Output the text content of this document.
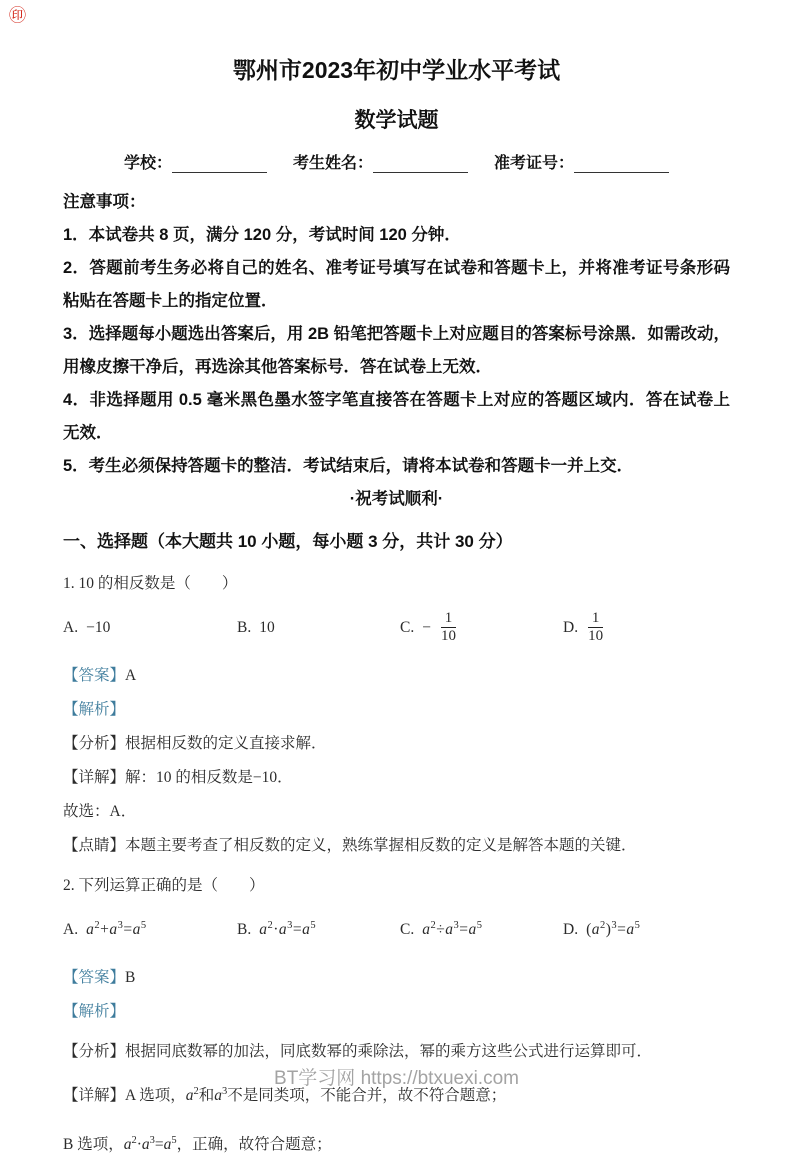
㊞

鄂州市2023年初中学业水平考试

数学试题

学校：	考生姓名：	准考证号：

注意事项：

1．本试卷共 8 页，满分 120 分，考试时间 120 分钟．

2．答题前考生务必将自己的姓名、准考证号填写在试卷和答题卡上，并将准考证号条形码粘贴在答题卡上的指定位置．

3．选择题每小题选出答案后，用 2B 铅笔把答题卡上对应题目的答案标号涂黑．如需改动，用橡皮擦干净后，再选涂其他答案标号．答在试卷上无效．

4．非选择题用 0.5 毫米黑色墨水签字笔直接答在答题卡上对应的答题区域内．答在试卷上无效．

5．考生必须保持答题卡的整洁．考试结束后，请将本试卷和答题卡一并上交．

·祝考试顺利·

一、选择题（本大题共 10 小题，每小题 3 分，共计 30 分）

1. 10 的相反数是（　　）

A. −10	B. 10	C. − $\frac{1}{10}$	D. $\frac{1}{10}$

【答案】A

【解析】

【分析】根据相反数的定义直接求解．

【详解】解：10 的相反数是−10．

故选：A．

【点睛】本题主要考查了相反数的定义，熟练掌握相反数的定义是解答本题的关键．

2. 下列运算正确的是（　　）

A. $a^2+a^3=a^5$	B. $a^2\cdot a^3=a^5$	C. $a^2\div a^3=a^5$	D. $(a^2)^3=a^5$

【答案】B

【解析】

【分析】根据同底数幂的加法，同底数幂的乘除法，幂的乘方这些公式进行运算即可．

【详解】A 选项，$a^2$和$a^3$不是同类项，不能合并，故不符合题意；

B 选项，$a^2\cdot a^3=a^5$，正确，故符合题意；

BT学习网 https://btxuexi.com
